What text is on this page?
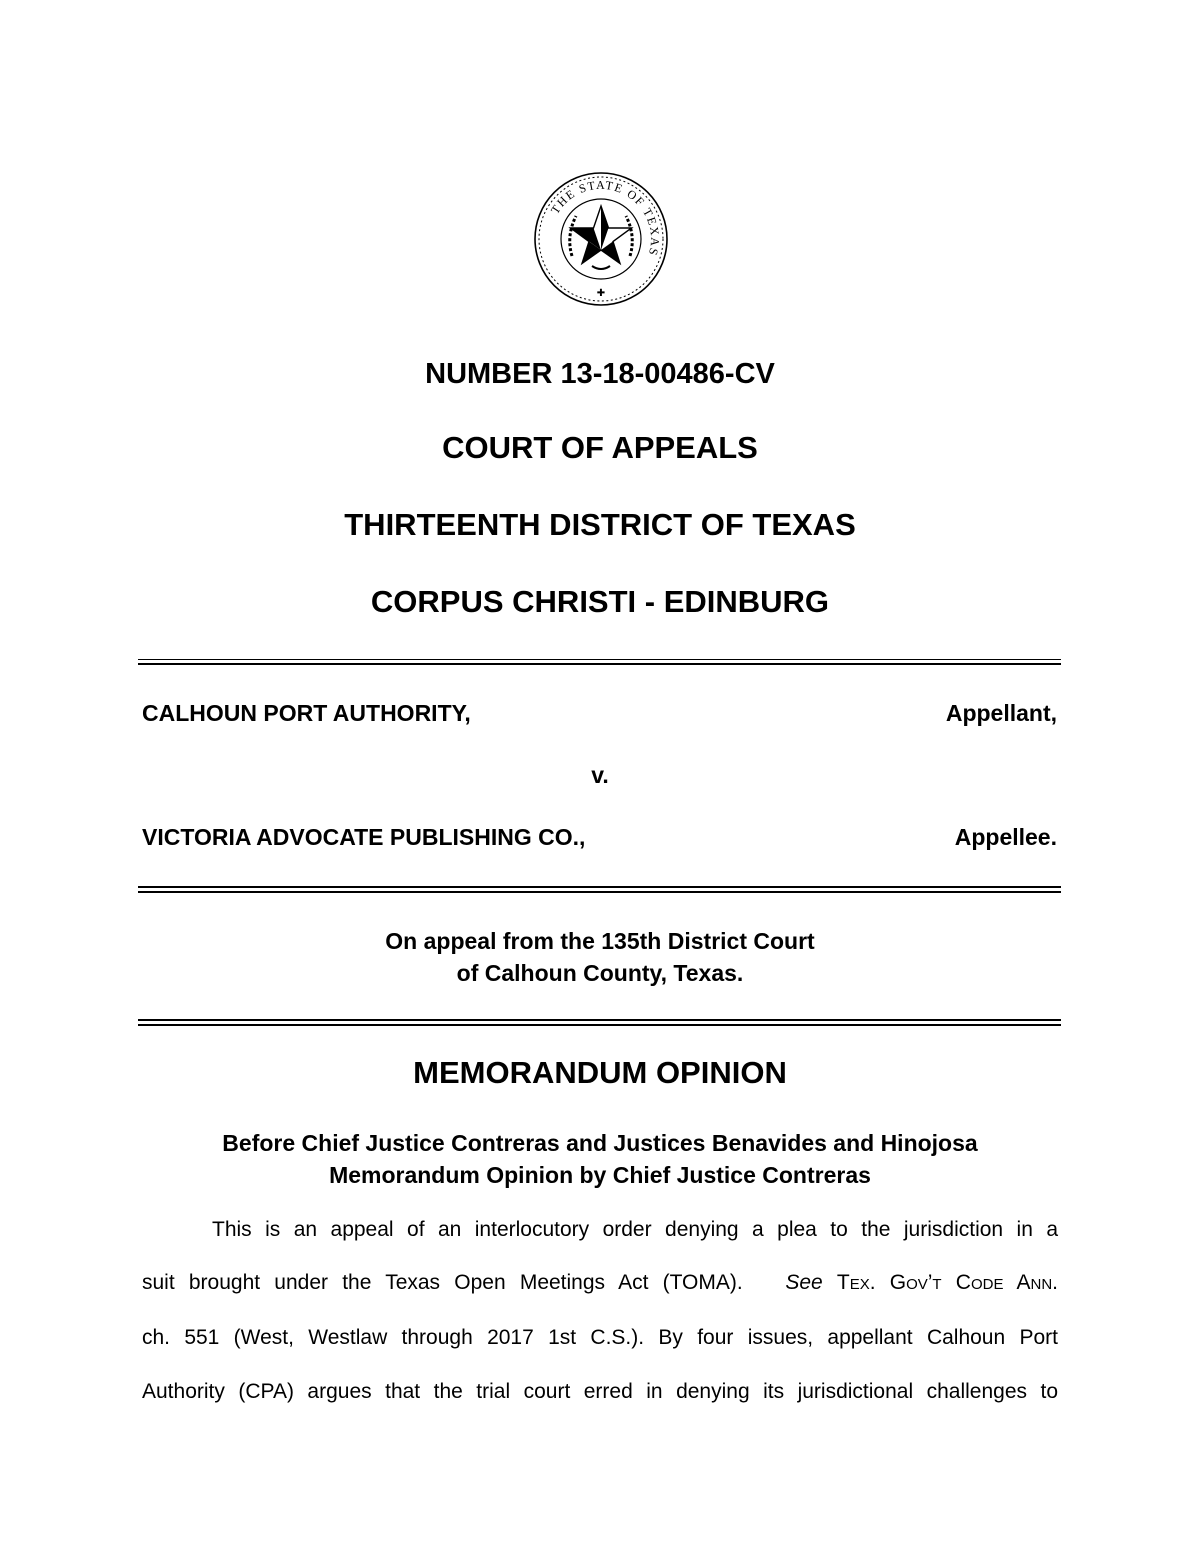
THE STATE OF TEXAS
✚
NUMBER 13-18-00486-CV
COURT OF APPEALS
THIRTEENTH DISTRICT OF TEXAS
CORPUS CHRISTI - EDINBURG
CALHOUN PORT AUTHORITY,	Appellant,
v.
VICTORIA ADVOCATE PUBLISHING CO.,	Appellee.
On appeal from the 135th District Court
of Calhoun County, Texas.
MEMORANDUM OPINION
Before Chief Justice Contreras and Justices Benavides and Hinojosa
Memorandum Opinion by Chief Justice Contreras
This is an appeal of an interlocutory order denying a plea to the jurisdiction in a
suit brought under the Texas Open Meetings Act (TOMA). See Tex. Gov’t Code Ann.
ch. 551 (West, Westlaw through 2017 1st C.S.). By four issues, appellant Calhoun Port
Authority (CPA) argues that the trial court erred in denying its jurisdictional challenges to
